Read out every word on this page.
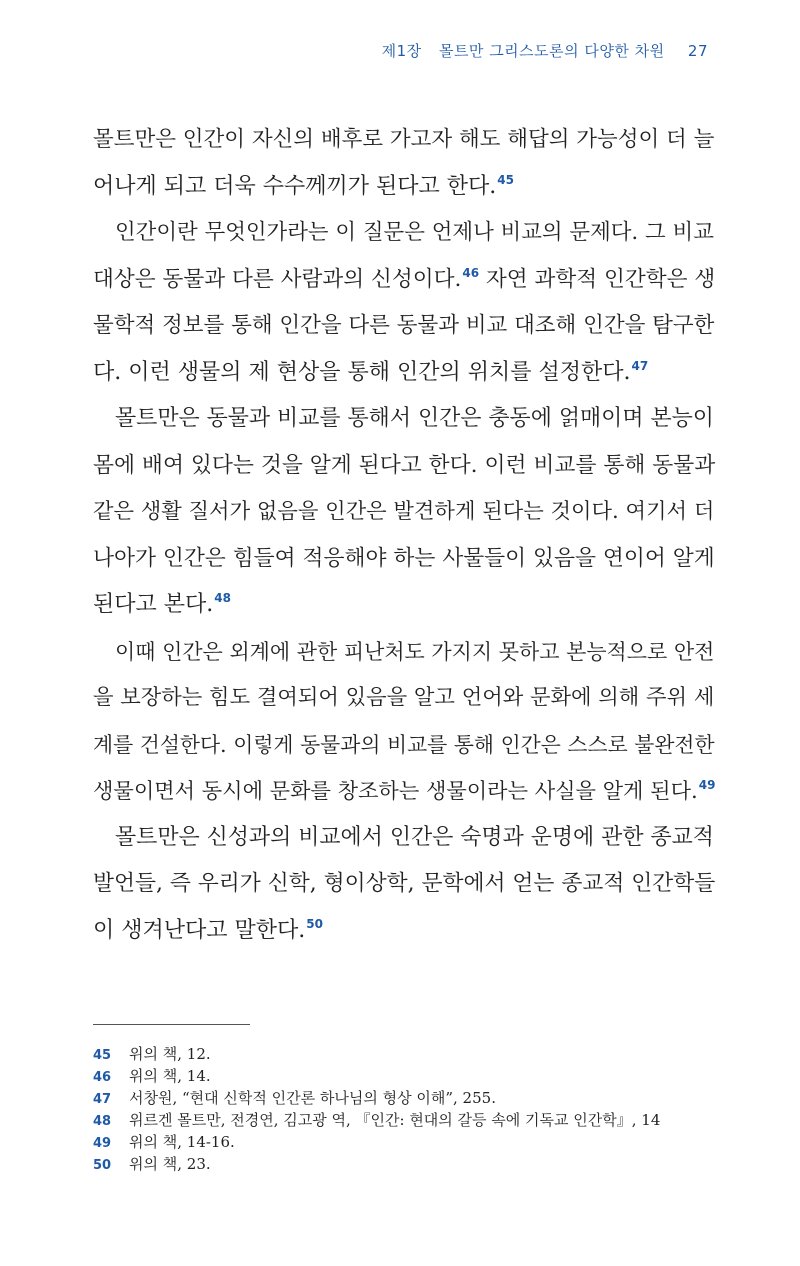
제1장 몰트만 그리스도론의 다양한 차원 27

몰트만은 인간이 자신의 배후로 가고자 해도 해답의 가능성이 더 늘
어나게 되고 더욱 수수께끼가 된다고 한다.$^{45}$

인간이란 무엇인가라는 이 질문은 언제나 비교의 문제다. 그 비교
대상은 동물과 다른 사람과의 신성이다.$^{46}$ 자연 과학적 인간학은 생
물학적 정보를 통해 인간을 다른 동물과 비교 대조해 인간을 탐구한
다. 이런 생물의 제 현상을 통해 인간의 위치를 설정한다.$^{47}$

몰트만은 동물과 비교를 통해서 인간은 충동에 얽매이며 본능이
몸에 배여 있다는 것을 알게 된다고 한다. 이런 비교를 통해 동물과
같은 생활 질서가 없음을 인간은 발견하게 된다는 것이다. 여기서 더
나아가 인간은 힘들여 적응해야 하는 사물들이 있음을 연이어 알게
된다고 본다.$^{48}$

이때 인간은 외계에 관한 피난처도 가지지 못하고 본능적으로 안전
을 보장하는 힘도 결여되어 있음을 알고 언어와 문화에 의해 주위 세
계를 건설한다. 이렇게 동물과의 비교를 통해 인간은 스스로 불완전한
생물이면서 동시에 문화를 창조하는 생물이라는 사실을 알게 된다.$^{49}$

몰트만은 신성과의 비교에서 인간은 숙명과 운명에 관한 종교적
발언들, 즉 우리가 신학, 형이상학, 문학에서 얻는 종교적 인간학들
이 생겨난다고 말한다.$^{50}$

45 위의 책, 12.
46 위의 책, 14.
47 서창원, “현대 신학적 인간론 하나님의 형상 이해”, 255.
48 위르겐 몰트만, 전경연, 김고광 역, 『인간: 현대의 갈등 속에 기독교 인간학』, 14
49 위의 책, 14-16.
50 위의 책, 23.
